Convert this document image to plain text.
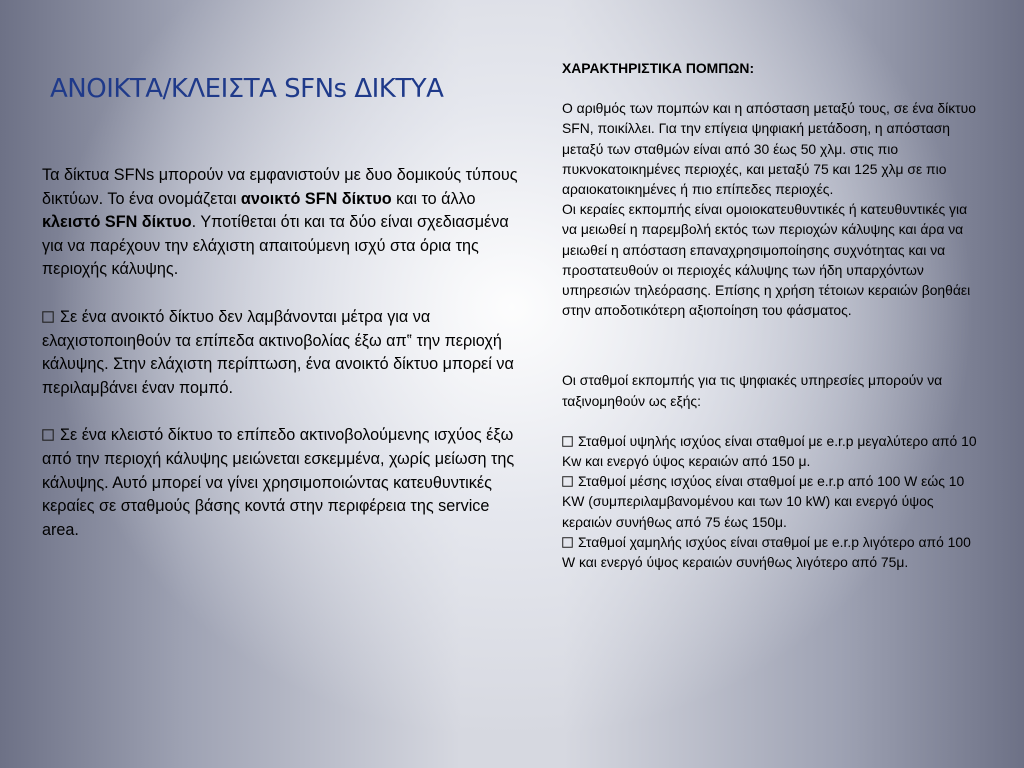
ΑΝΟΙΚΤΑ/ΚΛΕΙΣΤΑ SFNs ΔΙΚΤΥΑ

Τα δίκτυα SFNs μπορούν να εμφανιστούν με δυο δομικούς τύπους δικτύων. Το ένα ονομάζεται ανοικτό SFN δίκτυο και το άλλο κλειστό SFN δίκτυο. Υποτίθεται ότι και τα δύο είναι σχεδιασμένα για να παρέχουν την ελάχιστη απαιτούμενη ισχύ στα όρια της περιοχής κάλυψης.

Σε ένα ανοικτό δίκτυο δεν λαμβάνονται μέτρα για να ελαχιστοποιηθούν τα επίπεδα ακτινοβολίας έξω απ‟ την περιοχή κάλυψης. Στην ελάχιστη περίπτωση, ένα ανοικτό δίκτυο μπορεί να περιλαμβάνει έναν πομπό.

Σε ένα κλειστό δίκτυο το επίπεδο ακτινοβολούμενης ισχύος έξω από την περιοχή κάλυψης μειώνεται εσκεμμένα, χωρίς μείωση της κάλυψης. Αυτό μπορεί να γίνει χρησιμοποιώντας κατευθυντικές κεραίες σε σταθμούς βάσης κοντά στην περιφέρεια της service area.

ΧΑΡΑΚΤΗΡΙΣΤΙΚΑ ΠΟΜΠΩΝ:

Ο αριθμός των πομπών και η απόσταση μεταξύ τους, σε ένα δίκτυο SFN, ποικίλλει. Για την επίγεια ψηφιακή μετάδοση, η απόσταση μεταξύ των σταθμών είναι από 30 έως 50 χλμ. στις πιο πυκνοκατοικημένες περιοχές, και μεταξύ 75 και 125 χλμ σε πιο αραιοκατοικημένες ή πιο επίπεδες περιοχές.

Οι κεραίες εκπομπής είναι ομοιοκατευθυντικές ή κατευθυντικές για να μειωθεί η παρεμβολή εκτός των περιοχών κάλυψης και άρα να μειωθεί η απόσταση επαναχρησιμοποίησης συχνότητας και να προστατευθούν οι περιοχές κάλυψης των ήδη υπαρχόντων υπηρεσιών τηλεόρασης. Επίσης η χρήση τέτοιων κεραιών βοηθάει στην αποδοτικότερη αξιοποίηση του φάσματος.

Οι σταθμοί εκπομπής για τις ψηφιακές υπηρεσίες μπορούν να ταξινομηθούν ως εξής:

Σταθμοί υψηλής ισχύος είναι σταθμοί με e.r.p μεγαλύτερο από 10 Kw και ενεργό ύψος κεραιών από 150 μ.

Σταθμοί μέσης ισχύος είναι σταθμοί με e.r.p από 100 W εώς 10 KW (συμπεριλαμβανομένου και των 10 kW) και ενεργό ύψος κεραιών συνήθως από 75 έως 150μ.

Σταθμοί χαμηλής ισχύος είναι σταθμοί με e.r.p λιγότερο από 100 W και ενεργό ύψος κεραιών συνήθως λιγότερο από 75μ.
